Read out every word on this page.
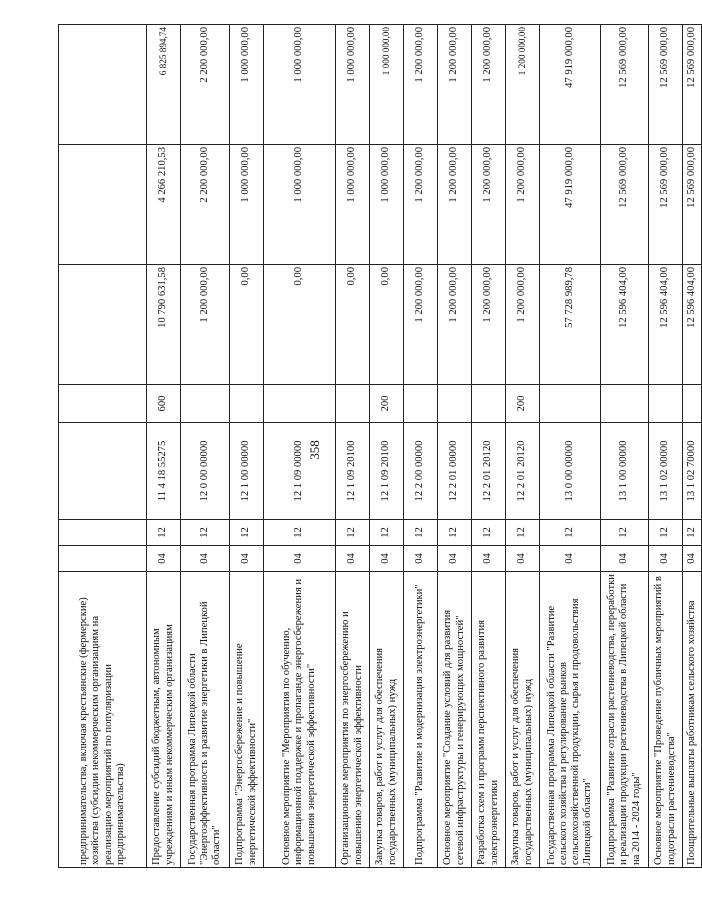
358
предпринимательства, включая крестьянские (фермерские) хозяйства (субсидии некоммерческим организациям на реализацию мероприятий по популяризации предпринимательства)							
Предоставление субсидий бюджетным, автономным учреждениям и иным некоммерческим организациям	04	12	11 4 18 55275	600	10 790 631,58	4 266 210,53	6 825 894,74
Государственная программа Липецкой области "Энергоэффективность и развитие энергетики в Липецкой области"	04	12	12 0 00 00000		1 200 000,00	2 200 000,00	2 200 000,00
Подпрограмма "Энергосбережение и повышение энергетической эффективности"	04	12	12 1 00 00000		0,00	1 000 000,00	1 000 000,00
Основное мероприятие "Мероприятия по обучению, информационной поддержке и пропаганде энергосбережения и повышения энергетической эффективности"	04	12	12 1 09 00000		0,00	1 000 000,00	1 000 000,00
Организационные мероприятия по энергосбережению и повышению энергетической эффективности	04	12	12 1 09 20100		0,00	1 000 000,00	1 000 000,00
Закупка товаров, работ и услуг для обеспечения государственных (муниципальных) нужд	04	12	12 1 09 20100	200	0,00	1 000 000,00	1 000 000,00
Подпрограмма "Развитие и модернизация электроэнергетики"	04	12	12 2 00 00000		1 200 000,00	1 200 000,00	1 200 000,00
Основное мероприятие "Создание условий для развития сетевой инфраструктуры и генерирующих мощностей"	04	12	12 2 01 00000		1 200 000,00	1 200 000,00	1 200 000,00
Разработка схем и программ перспективного развития электроэнергетики	04	12	12 2 01 20120		1 200 000,00	1 200 000,00	1 200 000,00
Закупка товаров, работ и услуг для обеспечения государственных (муниципальных) нужд	04	12	12 2 01 20120	200	1 200 000,00	1 200 000,00	1 200 000,00
Государственная программа Липецкой области "Развитие сельского хозяйства и регулирование рынков сельскохозяйственной продукции, сырья и продовольствия Липецкой области"	04	12	13 0 00 00000		57 728 989,78	47 919 000,00	47 919 000,00
Подпрограмма "Развитие отрасли растениеводства, переработки и реализации продукции растениеводства в Липецкой области на 2014 - 2024 годы"	04	12	13 1 00 00000		12 596 404,00	12 569 000,00	12 569 000,00
Основное мероприятие "Проведение публичных мероприятий в подотрасли растениеводства"	04	12	13 1 02 00000		12 596 404,00	12 569 000,00	12 569 000,00
Поощрительные выплаты работникам сельского хозяйства	04	12	13 1 02 70000		12 596 404,00	12 569 000,00	12 569 000,00
